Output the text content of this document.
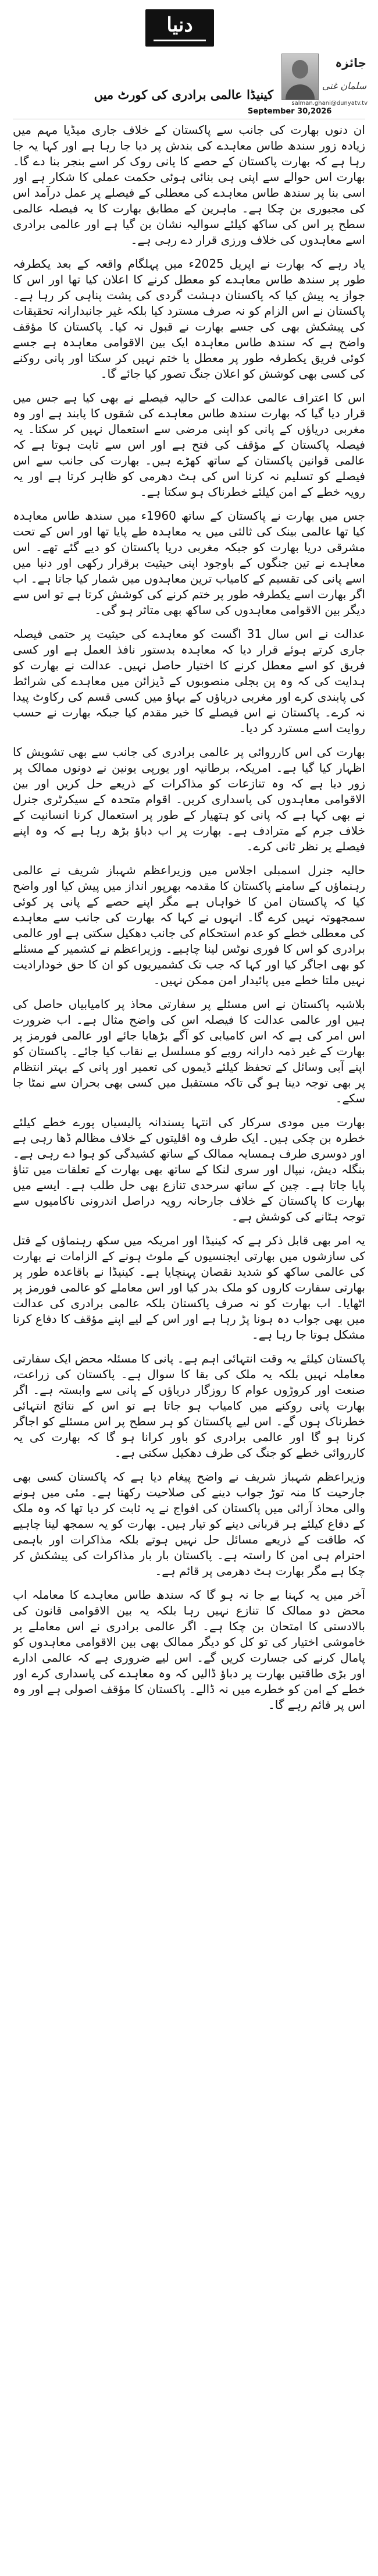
دنیا
جائزہ
سلمان غنی
salman.ghani@dunyatv.tv
کینیڈا عالمی برادری کی کورٹ میں
September 30,2026

ان دنوں بھارت کی جانب سے پاکستان کے خلاف جاری میڈیا مہم میں زیادہ زور سندھ طاس معاہدے کی بندش پر دیا جا رہا ہے اور کہا یہ جا رہا ہے کہ بھارت پاکستان کے حصے کا پانی روک کر اسے بنجر بنا دے گا۔ بھارت اس حوالے سے اپنی ہی بنائی ہوئی حکمت عملی کا شکار ہے اور اسی بنا پر سندھ طاس معاہدے کی معطلی کے فیصلے پر عمل درآمد اس کی مجبوری بن چکا ہے۔ ماہرین کے مطابق بھارت کا یہ فیصلہ عالمی سطح پر اس کی ساکھ کیلئے سوالیہ نشان بن گیا ہے اور عالمی برادری اسے معاہدوں کی خلاف ورزی قرار دے رہی ہے۔

یاد رہے کہ بھارت نے اپریل 2025ء میں پہلگام واقعہ کے بعد یکطرفہ طور پر سندھ طاس معاہدے کو معطل کرنے کا اعلان کیا تھا اور اس کا جواز یہ پیش کیا کہ پاکستان دہشت گردی کی پشت پناہی کر رہا ہے۔ پاکستان نے اس الزام کو نہ صرف مسترد کیا بلکہ غیر جانبدارانہ تحقیقات کی پیشکش بھی کی جسے بھارت نے قبول نہ کیا۔ پاکستان کا مؤقف واضح ہے کہ سندھ طاس معاہدہ ایک بین الاقوامی معاہدہ ہے جسے کوئی فریق یکطرفہ طور پر معطل یا ختم نہیں کر سکتا اور پانی روکنے کی کسی بھی کوشش کو اعلان جنگ تصور کیا جائے گا۔

اس کا اعتراف عالمی عدالت کے حالیہ فیصلے نے بھی کیا ہے جس میں قرار دیا گیا کہ بھارت سندھ طاس معاہدے کی شقوں کا پابند ہے اور وہ مغربی دریاؤں کے پانی کو اپنی مرضی سے استعمال نہیں کر سکتا۔ یہ فیصلہ پاکستان کے مؤقف کی فتح ہے اور اس سے ثابت ہوتا ہے کہ عالمی قوانین پاکستان کے ساتھ کھڑے ہیں۔ بھارت کی جانب سے اس فیصلے کو تسلیم نہ کرنا اس کی ہٹ دھرمی کو ظاہر کرتا ہے اور یہ رویہ خطے کے امن کیلئے خطرناک ہو سکتا ہے۔

جس میں بھارت نے پاکستان کے ساتھ 1960ء میں سندھ طاس معاہدہ کیا تھا عالمی بینک کی ثالثی میں یہ معاہدہ طے پایا تھا اور اس کے تحت مشرقی دریا بھارت کو جبکہ مغربی دریا پاکستان کو دیے گئے تھے۔ اس معاہدے نے تین جنگوں کے باوجود اپنی حیثیت برقرار رکھی اور دنیا میں اسے پانی کی تقسیم کے کامیاب ترین معاہدوں میں شمار کیا جاتا ہے۔ اب اگر بھارت اسے یکطرفہ طور پر ختم کرنے کی کوشش کرتا ہے تو اس سے دیگر بین الاقوامی معاہدوں کی ساکھ بھی متاثر ہو گی۔

عدالت نے اس سال 31 اگست کو معاہدے کی حیثیت پر حتمی فیصلہ جاری کرتے ہوئے قرار دیا کہ معاہدہ بدستور نافذ العمل ہے اور کسی فریق کو اسے معطل کرنے کا اختیار حاصل نہیں۔ عدالت نے بھارت کو ہدایت کی کہ وہ پن بجلی منصوبوں کے ڈیزائن میں معاہدے کی شرائط کی پابندی کرے اور مغربی دریاؤں کے بہاؤ میں کسی قسم کی رکاوٹ پیدا نہ کرے۔ پاکستان نے اس فیصلے کا خیر مقدم کیا جبکہ بھارت نے حسب روایت اسے مسترد کر دیا۔

بھارت کی اس کارروائی پر عالمی برادری کی جانب سے بھی تشویش کا اظہار کیا گیا ہے۔ امریکہ، برطانیہ اور یورپی یونین نے دونوں ممالک پر زور دیا ہے کہ وہ تنازعات کو مذاکرات کے ذریعے حل کریں اور بین الاقوامی معاہدوں کی پاسداری کریں۔ اقوام متحدہ کے سیکرٹری جنرل نے بھی کہا ہے کہ پانی کو ہتھیار کے طور پر استعمال کرنا انسانیت کے خلاف جرم کے مترادف ہے۔ بھارت پر اب دباؤ بڑھ رہا ہے کہ وہ اپنے فیصلے پر نظر ثانی کرے۔

حالیہ جنرل اسمبلی اجلاس میں وزیراعظم شہباز شریف نے عالمی رہنماؤں کے سامنے پاکستان کا مقدمہ بھرپور انداز میں پیش کیا اور واضح کیا کہ پاکستان امن کا خواہاں ہے مگر اپنے حصے کے پانی پر کوئی سمجھوتہ نہیں کرے گا۔ انہوں نے کہا کہ بھارت کی جانب سے معاہدے کی معطلی خطے کو عدم استحکام کی جانب دھکیل سکتی ہے اور عالمی برادری کو اس کا فوری نوٹس لینا چاہیے۔ وزیراعظم نے کشمیر کے مسئلے کو بھی اجاگر کیا اور کہا کہ جب تک کشمیریوں کو ان کا حق خودارادیت نہیں ملتا خطے میں پائیدار امن ممکن نہیں۔

بلاشبہ پاکستان نے اس مسئلے پر سفارتی محاذ پر کامیابیاں حاصل کی ہیں اور عالمی عدالت کا فیصلہ اس کی واضح مثال ہے۔ اب ضرورت اس امر کی ہے کہ اس کامیابی کو آگے بڑھایا جائے اور عالمی فورمز پر بھارت کے غیر ذمہ دارانہ رویے کو مسلسل بے نقاب کیا جائے۔ پاکستان کو اپنے آبی وسائل کے تحفظ کیلئے ڈیموں کی تعمیر اور پانی کے بہتر انتظام پر بھی توجہ دینا ہو گی تاکہ مستقبل میں کسی بھی بحران سے نمٹا جا سکے۔

بھارت میں مودی سرکار کی انتہا پسندانہ پالیسیاں پورے خطے کیلئے خطرہ بن چکی ہیں۔ ایک طرف وہ اقلیتوں کے خلاف مظالم ڈھا رہی ہے اور دوسری طرف ہمسایہ ممالک کے ساتھ کشیدگی کو ہوا دے رہی ہے۔ بنگلہ دیش، نیپال اور سری لنکا کے ساتھ بھی بھارت کے تعلقات میں تناؤ پایا جاتا ہے۔ چین کے ساتھ سرحدی تنازع بھی حل طلب ہے۔ ایسے میں بھارت کا پاکستان کے خلاف جارحانہ رویہ دراصل اندرونی ناکامیوں سے توجہ ہٹانے کی کوشش ہے۔

یہ امر بھی قابل ذکر ہے کہ کینیڈا اور امریکہ میں سکھ رہنماؤں کے قتل کی سازشوں میں بھارتی ایجنسیوں کے ملوث ہونے کے الزامات نے بھارت کی عالمی ساکھ کو شدید نقصان پہنچایا ہے۔ کینیڈا نے باقاعدہ طور پر بھارتی سفارت کاروں کو ملک بدر کیا اور اس معاملے کو عالمی فورمز پر اٹھایا۔ اب بھارت کو نہ صرف پاکستان بلکہ عالمی برادری کی عدالت میں بھی جواب دہ ہونا پڑ رہا ہے اور اس کے لیے اپنے مؤقف کا دفاع کرنا مشکل ہوتا جا رہا ہے۔

پاکستان کیلئے یہ وقت انتہائی اہم ہے۔ پانی کا مسئلہ محض ایک سفارتی معاملہ نہیں بلکہ یہ ملک کی بقا کا سوال ہے۔ پاکستان کی زراعت، صنعت اور کروڑوں عوام کا روزگار دریاؤں کے پانی سے وابستہ ہے۔ اگر بھارت پانی روکنے میں کامیاب ہو جاتا ہے تو اس کے نتائج انتہائی خطرناک ہوں گے۔ اس لیے پاکستان کو ہر سطح پر اس مسئلے کو اجاگر کرنا ہو گا اور عالمی برادری کو باور کرانا ہو گا کہ بھارت کی یہ کارروائی خطے کو جنگ کی طرف دھکیل سکتی ہے۔

وزیراعظم شہباز شریف نے واضح پیغام دیا ہے کہ پاکستان کسی بھی جارحیت کا منہ توڑ جواب دینے کی صلاحیت رکھتا ہے۔ مئی میں ہونے والی محاذ آرائی میں پاکستان کی افواج نے یہ ثابت کر دیا تھا کہ وہ ملک کے دفاع کیلئے ہر قربانی دینے کو تیار ہیں۔ بھارت کو یہ سمجھ لینا چاہیے کہ طاقت کے ذریعے مسائل حل نہیں ہوتے بلکہ مذاکرات اور باہمی احترام ہی امن کا راستہ ہے۔ پاکستان بار بار مذاکرات کی پیشکش کر چکا ہے مگر بھارت ہٹ دھرمی پر قائم ہے۔

آخر میں یہ کہنا بے جا نہ ہو گا کہ سندھ طاس معاہدے کا معاملہ اب محض دو ممالک کا تنازع نہیں رہا بلکہ یہ بین الاقوامی قانون کی بالادستی کا امتحان بن چکا ہے۔ اگر عالمی برادری نے اس معاملے پر خاموشی اختیار کی تو کل کو دیگر ممالک بھی بین الاقوامی معاہدوں کو پامال کرنے کی جسارت کریں گے۔ اس لیے ضروری ہے کہ عالمی ادارے اور بڑی طاقتیں بھارت پر دباؤ ڈالیں کہ وہ معاہدے کی پاسداری کرے اور خطے کے امن کو خطرے میں نہ ڈالے۔ پاکستان کا مؤقف اصولی ہے اور وہ اس پر قائم رہے گا۔
